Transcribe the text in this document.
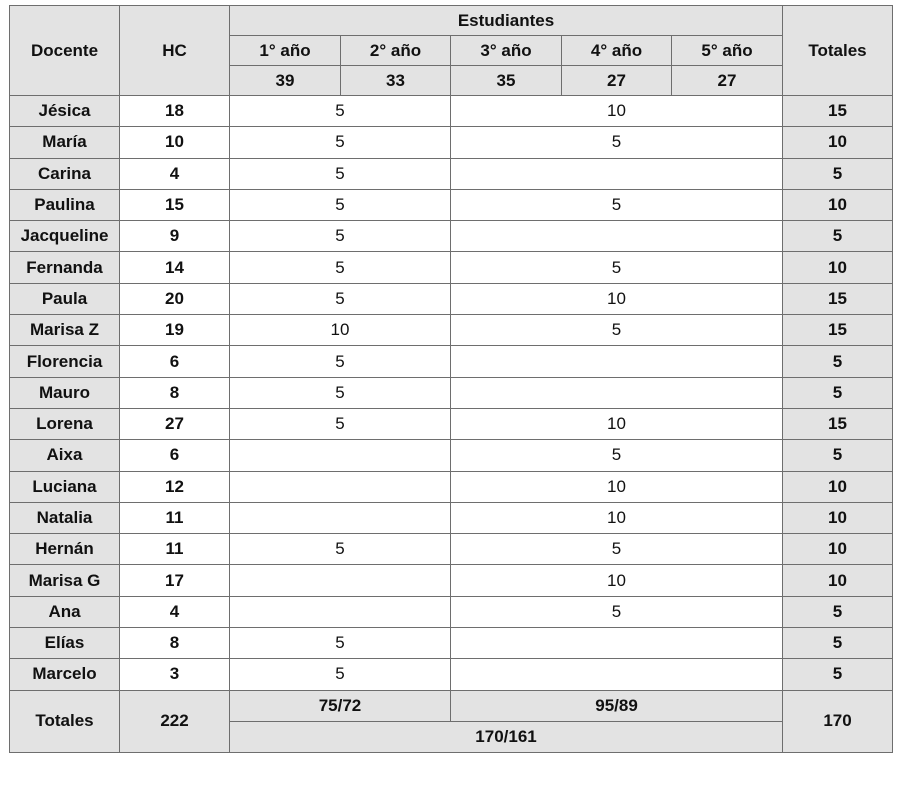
Docente	HC	Estudiantes					Totales
		1° año	2° año	3° año	4° año	5° año	
		39	33	35	27	27	
Jésica	18	5		10			15
María	10	5		5			10
Carina	4	5					5
Paulina	15	5		5			10
Jacqueline	9	5					5
Fernanda	14	5		5			10
Paula	20	5		10			15
Marisa Z	19	10		5			15
Florencia	6	5					5
Mauro	8	5					5
Lorena	27	5		10			15
Aixa	6			5			5
Luciana	12			10			10
Natalia	11			10			10
Hernán	11	5		5			10
Marisa G	17			10			10
Ana	4			5			5
Elías	8	5					5
Marcelo	3	5					5
Totales	222	75/72		95/89			170
		170/161					
